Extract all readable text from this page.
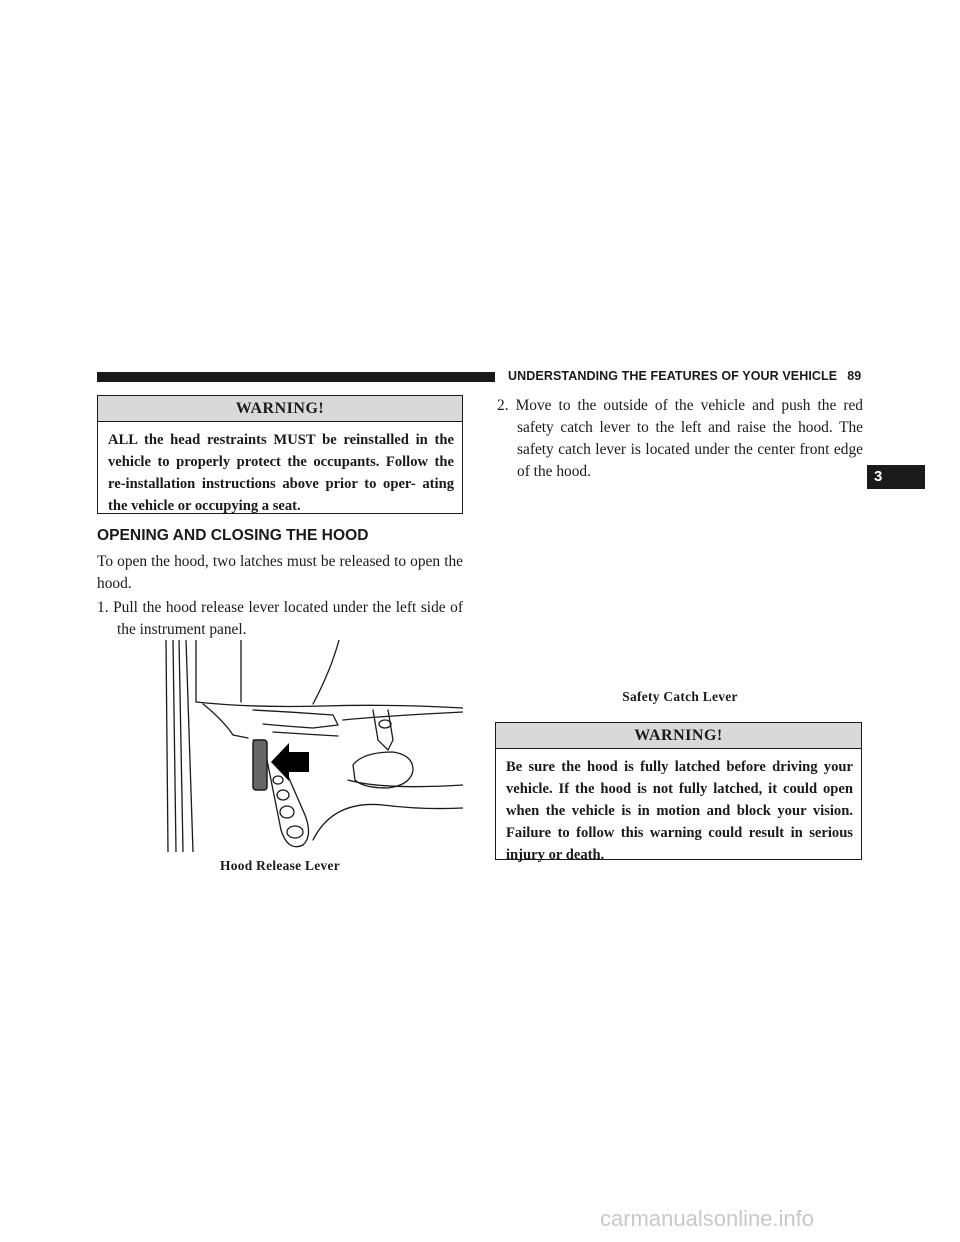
UNDERSTANDING THE FEATURES OF YOUR VEHICLE 89
3
WARNING!
ALL the head restraints MUST be reinstalled in the vehicle to properly protect the occupants. Follow the re-installation instructions above prior to oper- ating the vehicle or occupying a seat.
OPENING AND CLOSING THE HOOD
To open the hood, two latches must be released to open the hood.
1. Pull the hood release lever located under the left side of the instrument panel.
2. Move to the outside of the vehicle and push the red safety catch lever to the left and raise the hood. The safety catch lever is located under the center front edge of the hood.
Hood Release Lever
Safety Catch Lever
WARNING!
Be sure the hood is fully latched before driving your vehicle. If the hood is not fully latched, it could open when the vehicle is in motion and block your vision. Failure to follow this warning could result in serious injury or death.
carmanualsonline.info
